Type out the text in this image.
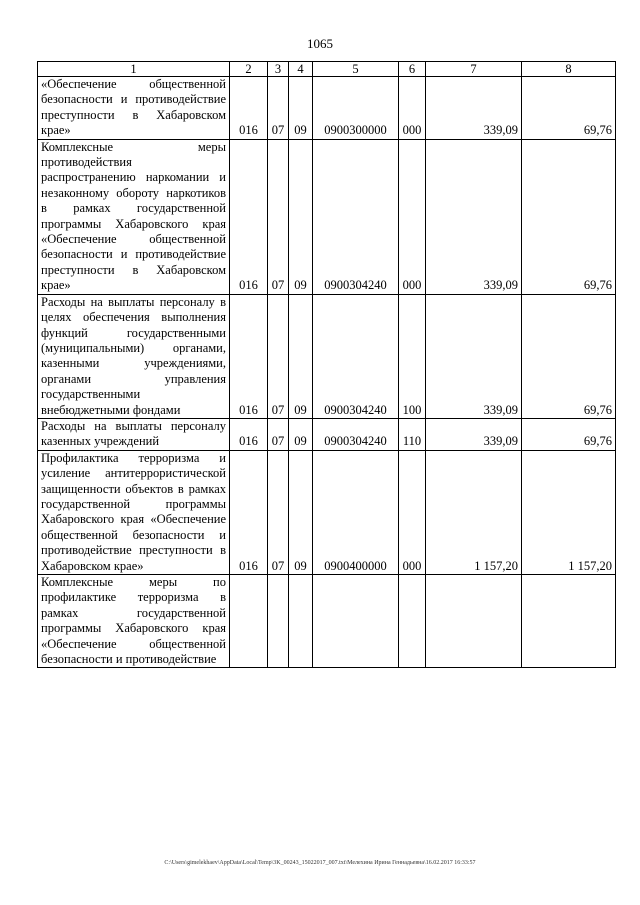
1065
1	2	3	4	5	6	7	8
«Обеспечение общественной безопасности и противодействие преступности в Хабаровском крае»	016	07	09	0900300000	000	339,09	69,76
Комплексные меры противодействия распространению наркомании и незаконному обороту наркотиков в рамках государственной программы Хабаровского края «Обеспечение общественной безопасности и противодействие преступности в Хабаровском крае»	016	07	09	0900304240	000	339,09	69,76
Расходы на выплаты персоналу в целях обеспечения выполнения функций государственными (муниципальными) органами, казенными учреждениями, органами управления государственными внебюджетными фондами	016	07	09	0900304240	100	339,09	69,76
Расходы на выплаты персоналу казенных учреждений	016	07	09	0900304240	110	339,09	69,76
Профилактика терроризма и усиление антитеррористической защищенности объектов в рамках государственной программы Хабаровского края «Обеспечение общественной безопасности и противодействие преступности в Хабаровском крае»	016	07	09	0900400000	000	1 157,20	1 157,20
Комплексные меры по профилактике терроризма в рамках государственной программы Хабаровского края «Обеспечение общественной безопасности и противодействие							
C:\Users\gimelekhaev\AppData\Local\Temp\3K_00243_15022017_007.txt\Мелехина Ирина Геннадьевна\16.02.2017 16:33:57
